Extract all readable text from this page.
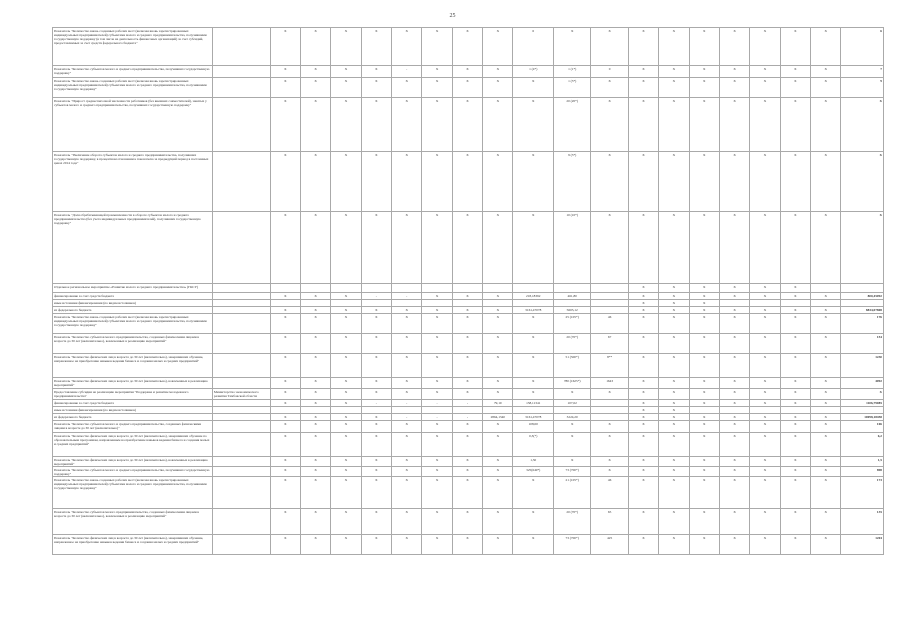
25
Показатель "Количество вновь созданных рабочих мест (включая вновь зарегистрированных индивидуальных предпринимателей) субъектами малого и среднего предпринимательства, получившими государственную поддержку (в том числе на деятельность финансовых организаций) за счет субсидий, предоставляемых за счет средств федерального бюджета"		Х	Х	Х	Х	Х	Х	Х	Х	6	Х	Х	Х	Х	Х	Х	Х	Х	Х	6
Показатель "Количество субъектов малого и среднего предпринимательства, получивших государственную поддержку"		Х	Х	Х	Х	-	Х	Х	Х	1 (4*)	1 (1*)	0	Х	Х	Х	Х	Х	Х	Х	7
Показатель "Количество вновь созданных рабочих мест (включая вновь зарегистрированных индивидуальных предпринимателей) субъектами малого и среднего предпринимательства, получившими государственную поддержку"		Х	Х	Х	Х	Х	Х	Х	Х	Х	1 (3*)	Х	Х	Х	Х	Х	Х	Х	Х	9
Показатель "Прирост среднесписочной численности работников (без внешних совместителей), занятых у субъектов малого и среднего предпринимательства, получивших государственную поддержку"		Х	Х	Х	Х	Х	Х	Х	Х	Х	20 (20*)	Х	Х	Х	Х	Х	Х	Х	Х	Х
Показатель "Увеличение оборота субъектов малого и среднего предпринимательства, получивших государственную поддержку, в процентном отношении к показателю за предыдущий период в постоянных ценах 2014 года"		Х	Х	Х	Х	Х	Х	Х	Х	Х	9 (3*)	Х	Х	Х	Х	Х	Х	Х	Х	Х
Показатель "Доля обрабатывающей промышленности в обороте субъектов малого и среднего предпринимательства (без учета индивидуальных предпринимателей), получивших государственную поддержку"		Х	Х	Х	Х	Х	Х	Х	Х	Х	10 (10*)	Х	Х	Х	Х	Х	Х	Х	Х	Х
Отдельное региональное мероприятие «Развитие малого и среднего предпринимательства» (ГКСУ)													Х	Х	Х	Х	Х	Х		
финансирование за счет средств бюджета		Х	Х	Х	-	-	Х	Х	Х	218,18392	461,80		Х	Х	Х	Х	Х	Х	Х	800,45092
иные источники финансирования (по видам источников)													Х	Х	Х					
из федерального бюджета		Х	Х	Х	Х	Х	Х	Х	Х	3161,47078	5603,12		Х	Х	Х	Х	Х	Х	Х	8834,07808
Показатель "Количество вновь созданных рабочих мест (включая вновь зарегистрированных индивидуальных предпринимателей) субъектами малого и среднего предпринимательства, получившими государственную поддержку"		Х	Х	Х	Х	Х	Х	Х	Х	Х	25 (105*)	46	Х	Х	Х	Х	Х	Х	Х	176
Показатель "Количество субъектов малого предпринимательства, созданных физическими лицами в возрасте до 30 лет (включительно), вовлеченных в реализацию мероприятий"		Х	Х	Х	Х	Х	Х	Х	Х	Х	20 (70*)	67	Х	Х	Х	Х	Х	Х	Х	154
Показатель "Количество физических лиц в возрасте до 30 лет (включительно), завершивших обучение, направленное на приобретение навыков ведения бизнеса и создания малых и средних предприятий"		Х	Х	Х	Х	Х	Х	Х	Х	Х	51 (500*)	8**	Х	Х	Х	Х	Х	Х	Х	1230
Показатель "Количество физических лиц в возрасте до 30 лет (включительно), вовлеченных в реализацию мероприятий"		Х	Х	Х	Х	Х	Х	Х	Х	Х	780 (1625*)	1643	Х	Х	Х	Х	Х	Х	Х	4092
Предоставление субсидии на реализацию мероприятия "Поддержка и развитие молодежного предпринимательства"	Министерство экономического развития Тамбовской области	Х	Х	Х	Х	Х	Х	Х	Х	Х	Х	Х	Х	Х	Х	Х	Х	Х	Х	Х
финансирование за счет средств бюджета		Х	Х	Х	-	-	-	-	79,10	138,11341	107,02		Х	Х	Х	Х	Х	Х	Х	1106,79085
иные источники финансирования (по видам источников)													Х	Х						
из федерального бюджета		Х	Х	Х	Х	-	-	-	2864,1340	3161,47078	3224,20		Х	Х	Х	Х	Х	Х	Х	10098,18458
Показатель "Количество субъектов малого и среднего предпринимательства, созданных физическими лицами в возрасте до 30 лет (включительно)"		Х	Х	Х	Х	Х	Х	Х	Х	108,00	Х	Х	Х	Х	Х	Х	Х	Х	Х	106
Показатель "Количество физических лиц в возрасте до 30 лет (включительно), завершивших обучение по образовательным программам, направленным на приобретение навыков ведения бизнеса и создания малых и средних предприятий"		Х	Х	Х	Х	Х	Х	Х	Х	0,3(*)	Х	Х	Х	Х	Х	Х	Х	Х	Х	6,2
Показатель "Количество физических лиц в возрасте до 30 лет (включительно), вовлеченных в реализацию мероприятий"		Х	Х	Х	Х	Х	Х	Х	Х	1,30	Х	Х	Х	Х	Х	Х	Х	Х	Х	1,5
Показатель "Количество субъектов малого и среднего предпринимательства, получивших государственную поддержку"		Х	Х	Х	Х	Х	Х	Х	Х	325(649*)	73 (700*)	Х	Х	Х	Х	Х	Х	Х	Х	898
Показатель "Количество вновь созданных рабочих мест (включая вновь зарегистрированных индивидуальных предпринимателей) субъектами малого и среднего предпринимательства, получившими государственную поддержку"		Х	Х	Х	Х	Х	Х	Х	Х	Х	21 (105*)	46	Х	Х	Х	Х	Х	Х	Х	173
Показатель "Количество субъектов малого предпринимательства, созданных физическими лицами в возрасте до 30 лет (включительно), вовлеченных в реализацию мероприятий"		Х	Х	Х	Х	Х	Х	Х	Х	Х	20 (70*)	65	Х	Х	Х	Х	Х	Х	Х	135
Показатель "Количество физических лиц в возрасте до 30 лет (включительно), завершивших обучение, направленное на приобретение навыков ведения бизнеса и создания малых и средних предприятий"		Х	Х	Х	Х	Х	Х	Х	Х	Х	73 (700*)	425	Х	Х	Х	Х	Х	Х	Х	1204
